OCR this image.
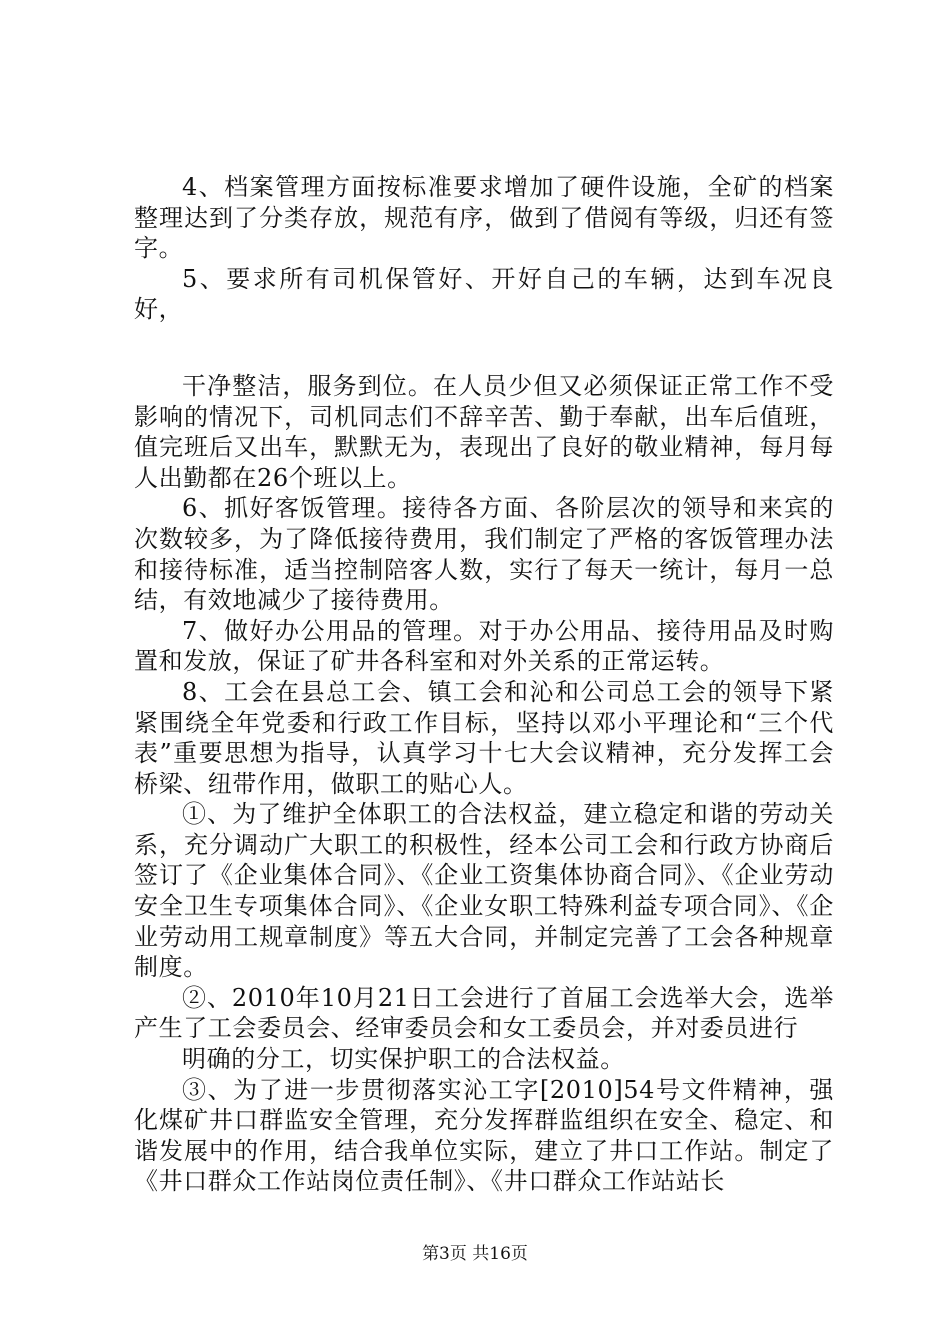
4、档案管理方面按标准要求增加了硬件设施，全矿的档案整理达到了分类存放，规范有序，做到了借阅有等级，归还有签字。

5、要求所有司机保管好、开好自己的车辆，达到车况良好，

干净整洁，服务到位。在人员少但又必须保证正常工作不受影响的情况下，司机同志们不辞辛苦、勤于奉献，出车后值班，值完班后又出车，默默无为，表现出了良好的敬业精神，每月每人出勤都在26个班以上。

6、抓好客饭管理。接待各方面、各阶层次的领导和来宾的次数较多，为了降低接待费用，我们制定了严格的客饭管理办法和接待标准，适当控制陪客人数，实行了每天一统计，每月一总结，有效地减少了接待费用。

7、做好办公用品的管理。对于办公用品、接待用品及时购置和发放，保证了矿井各科室和对外关系的正常运转。

8、工会在县总工会、镇工会和沁和公司总工会的领导下紧紧围绕全年党委和行政工作目标，坚持以邓小平理论和“三个代表”重要思想为指导，认真学习十七大会议精神，充分发挥工会桥梁、纽带作用，做职工的贴心人。

①、为了维护全体职工的合法权益，建立稳定和谐的劳动关系，充分调动广大职工的积极性，经本公司工会和行政方协商后签订了《企业集体合同》、《企业工资集体协商合同》、《企业劳动安全卫生专项集体合同》、《企业女职工特殊利益专项合同》、《企业劳动用工规章制度》等五大合同，并制定完善了工会各种规章制度。

②、2010年10月21日工会进行了首届工会选举大会，选举产生了工会委员会、经审委员会和女工委员会，并对委员进行

明确的分工，切实保护职工的合法权益。

③、为了进一步贯彻落实沁工字[2010]54号文件精神，强化煤矿井口群监安全管理，充分发挥群监组织在安全、稳定、和谐发展中的作用，结合我单位实际，建立了井口工作站。制定了《井口群众工作站岗位责任制》、《井口群众工作站站长

第3页 共16页
